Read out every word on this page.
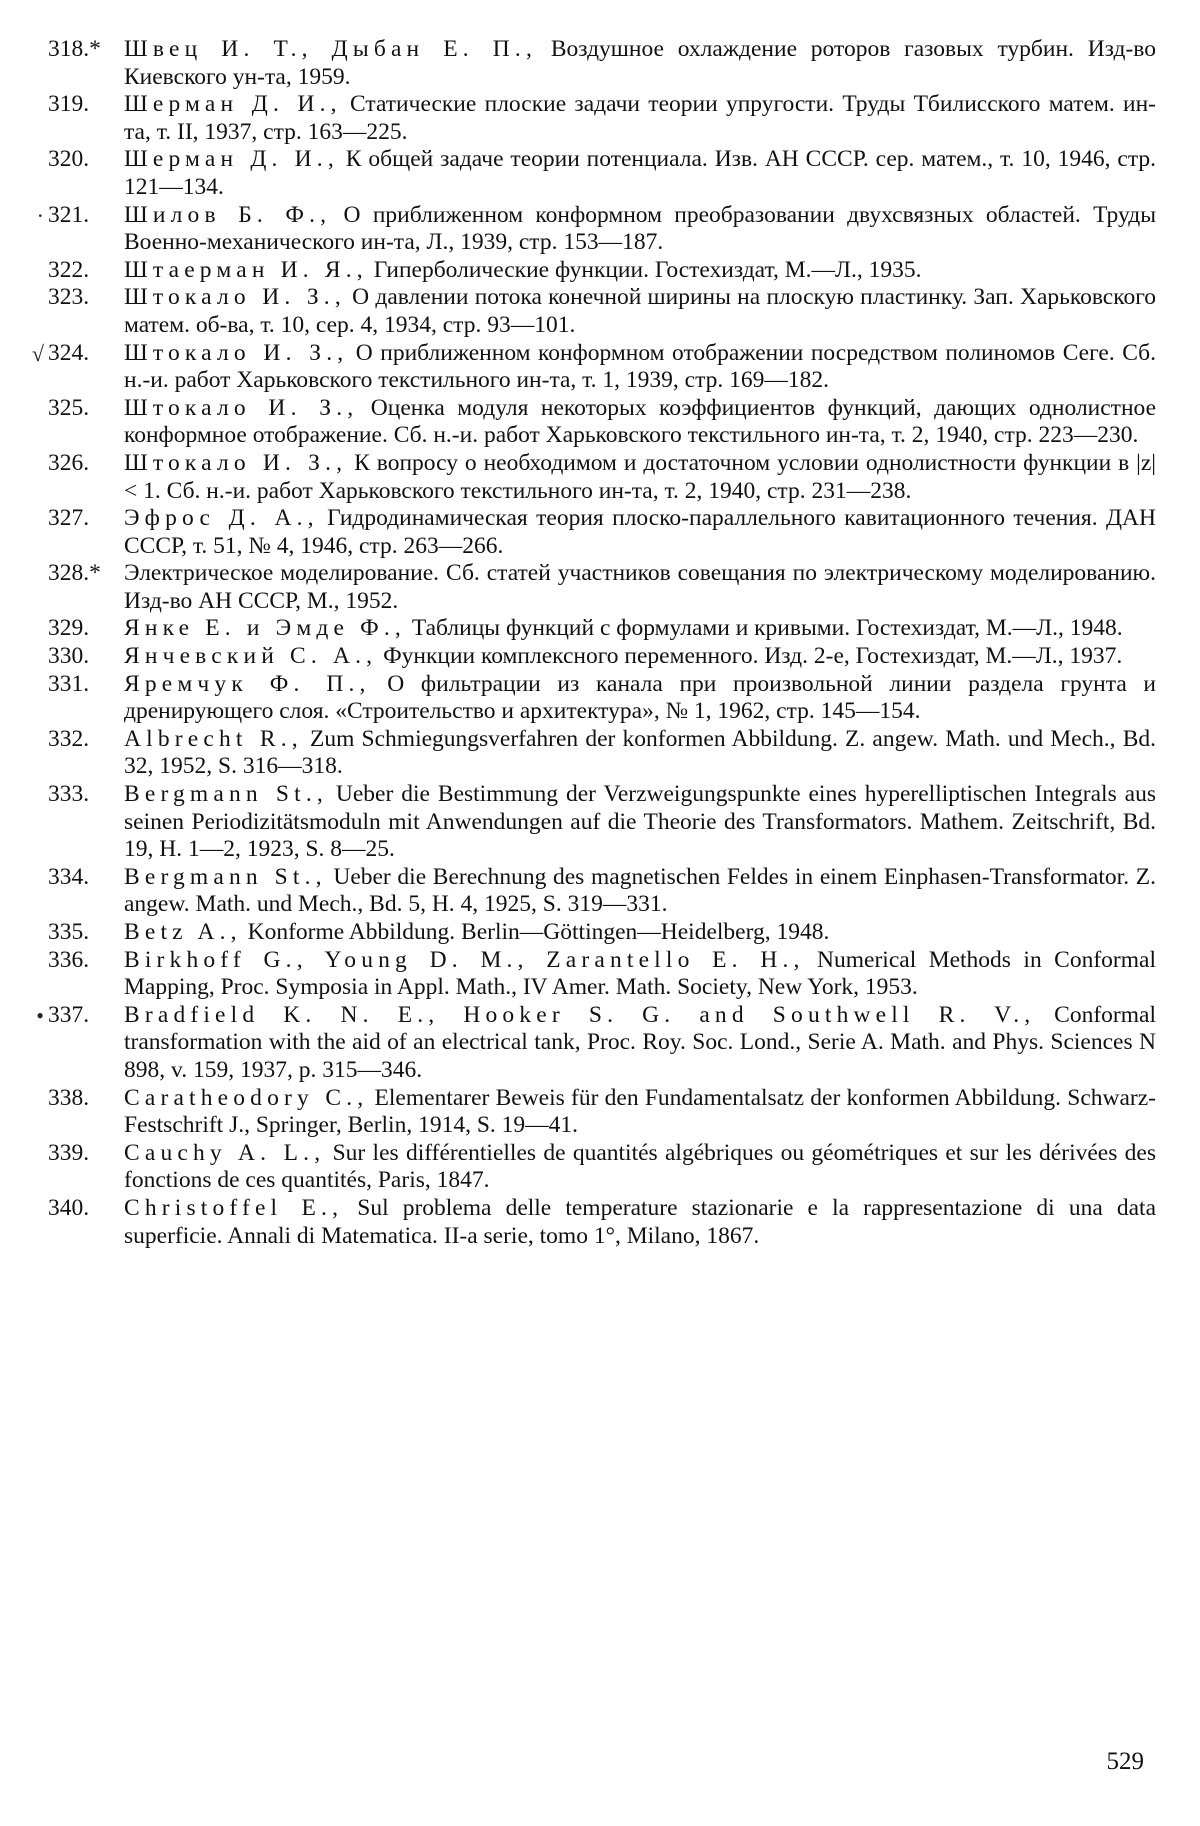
318.* Швец И. Т., Дыбан Е. П., Воздушное охлаждение роторов газовых турбин. Изд-во Киевского ун-та, 1959.
319.	Шерман Д. И., Статические плоские задачи теории упругости. Труды Тбилисского матем. ин-та, т. II, 1937, стр. 163—225.
320.	Шерман Д. И., К общей задаче теории потенциала. Изв. АН СССР. сер. матем., т. 10, 1946, стр. 121—134.
· 321.	Шилов Б. Ф., О приближенном конформном преобразовании двухсвязных областей. Труды Военно-механического ин-та, Л., 1939, стр. 153—187.
322.	Штаерман И. Я., Гиперболические функции. Гостехиздат, М.—Л., 1935.
323.	Штокало И. З., О давлении потока конечной ширины на плоскую пластинку. Зап. Харьковского матем. об-ва, т. 10, сер. 4, 1934, стр. 93—101.
√ 324.	Штокало И. З., О приближенном конформном отображении посредством полиномов Сеге. Сб. н.-и. работ Харьковского текстильного ин-та, т. 1, 1939, стр. 169—182.
325.	Штокало И. З., Оценка модуля некоторых коэффициентов функций, дающих однолистное конформное отображение. Сб. н.-и. работ Харьковского текстильного ин-та, т. 2, 1940, стр. 223—230.
326.	Штокало И. З., К вопросу о необходимом и достаточном условии однолистности функции в |z| < 1. Сб. н.-и. работ Харьковского текстильного ин-та, т. 2, 1940, стр. 231—238.
327.	Эфрос Д. А., Гидродинамическая теория плоско-параллельного кавитационного течения. ДАН СССР, т. 51, № 4, 1946, стр. 263—266.
328.* Электрическое моделирование. Сб. статей участников совещания по электрическому моделированию. Изд-во АН СССР, М., 1952.
329.	Янке Е. и Эмде Ф., Таблицы функций с формулами и кривыми. Гостехиздат, М.—Л., 1948.
330.	Янчевский С. А., Функции комплексного переменного. Изд. 2-е, Гостехиздат, М.—Л., 1937.
331.	Яремчук Ф. П., О фильтрации из канала при произвольной линии раздела грунта и дренирующего слоя. «Строительство и архитектура», № 1, 1962, стр. 145—154.
332.	Albrecht R., Zum Schmiegungsverfahren der konformen Abbildung. Z. angew. Math. und Mech., Bd. 32, 1952, S. 316—318.
333.	Bergmann St., Ueber die Bestimmung der Verzweigungspunkte eines hyperelliptischen Integrals aus seinen Periodizitätsmoduln mit Anwendungen auf die Theorie des Transformators. Mathem. Zeitschrift, Bd. 19, H. 1—2, 1923, S. 8—25.
334.	Bergmann St., Ueber die Berechnung des magnetischen Feldes in einem Einphasen-Transformator. Z. angew. Math. und Mech., Bd. 5, H. 4, 1925, S. 319—331.
335.	Betz A., Konforme Abbildung. Berlin—Göttingen—Heidelberg, 1948.
336.	Birkhoff G., Young D. M., Zarantello E. H., Numerical Methods in Conformal Mapping, Proc. Symposia in Appl. Math., IV Amer. Math. Society, New York, 1953.
• 337.	Bradfield K. N. E., Hooker S. G. and Southwell R. V., Conformal transformation with the aid of an electrical tank, Proc. Roy. Soc. Lond., Serie A. Math. and Phys. Sciences N 898, v. 159, 1937, p. 315—346.
338.	Caratheodory C., Elementarer Beweis für den Fundamentalsatz der konformen Abbildung. Schwarz-Festschrift J., Springer, Berlin, 1914, S. 19—41.
339.	Cauchy A. L., Sur les différentielles de quantités algébriques ou géométriques et sur les dérivées des fonctions de ces quantités, Paris, 1847.
340.	Christoffel E., Sul problema delle temperature stazionarie e la rappresentazione di una data superficie. Annali di Matematica. II-a serie, tomo 1°, Milano, 1867.
529
